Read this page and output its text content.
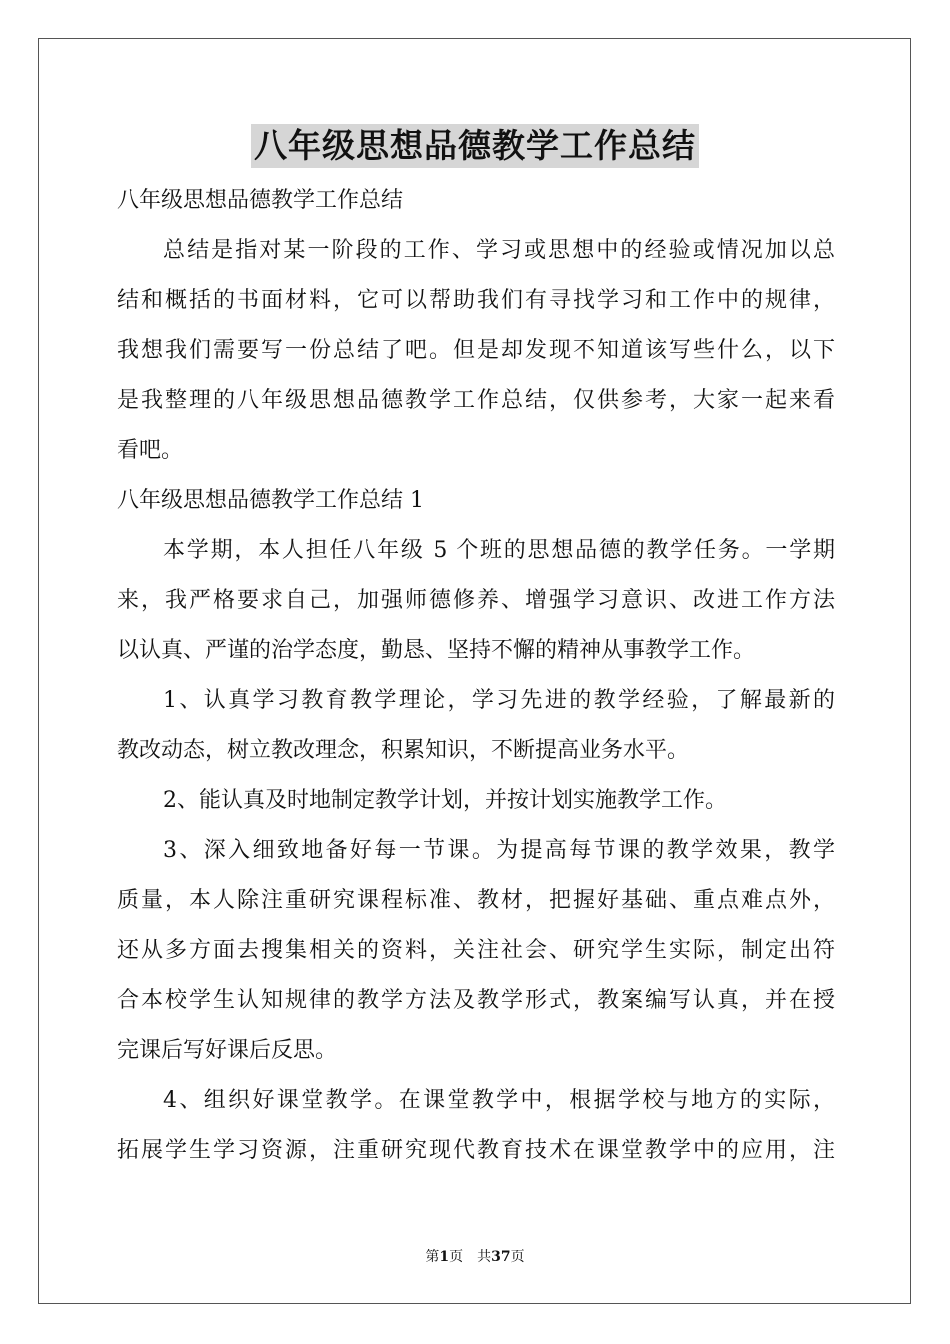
八年级思想品德教学工作总结
八年级思想品德教学工作总结
总结是指对某一阶段的工作、学习或思想中的经验或情况加以总
结和概括的书面材料，它可以帮助我们有寻找学习和工作中的规律，
我想我们需要写一份总结了吧。但是却发现不知道该写些什么，以下
是我整理的八年级思想品德教学工作总结，仅供参考，大家一起来看
看吧。
八年级思想品德教学工作总结 1
本学期，本人担任八年级 5 个班的思想品德的教学任务。一学期
来，我严格要求自己，加强师德修养、增强学习意识、改进工作方法
以认真、严谨的治学态度，勤恳、坚持不懈的精神从事教学工作。
1、认真学习教育教学理论，学习先进的教学经验，了解最新的
教改动态，树立教改理念，积累知识，不断提高业务水平。
2、能认真及时地制定教学计划，并按计划实施教学工作。
3、深入细致地备好每一节课。为提高每节课的教学效果，教学
质量，本人除注重研究课程标准、教材，把握好基础、重点难点外，
还从多方面去搜集相关的资料，关注社会、研究学生实际，制定出符
合本校学生认知规律的教学方法及教学形式，教案编写认真，并在授
完课后写好课后反思。
4、组织好课堂教学。在课堂教学中，根据学校与地方的实际，
拓展学生学习资源，注重研究现代教育技术在课堂教学中的应用，注
第1页　共37页
